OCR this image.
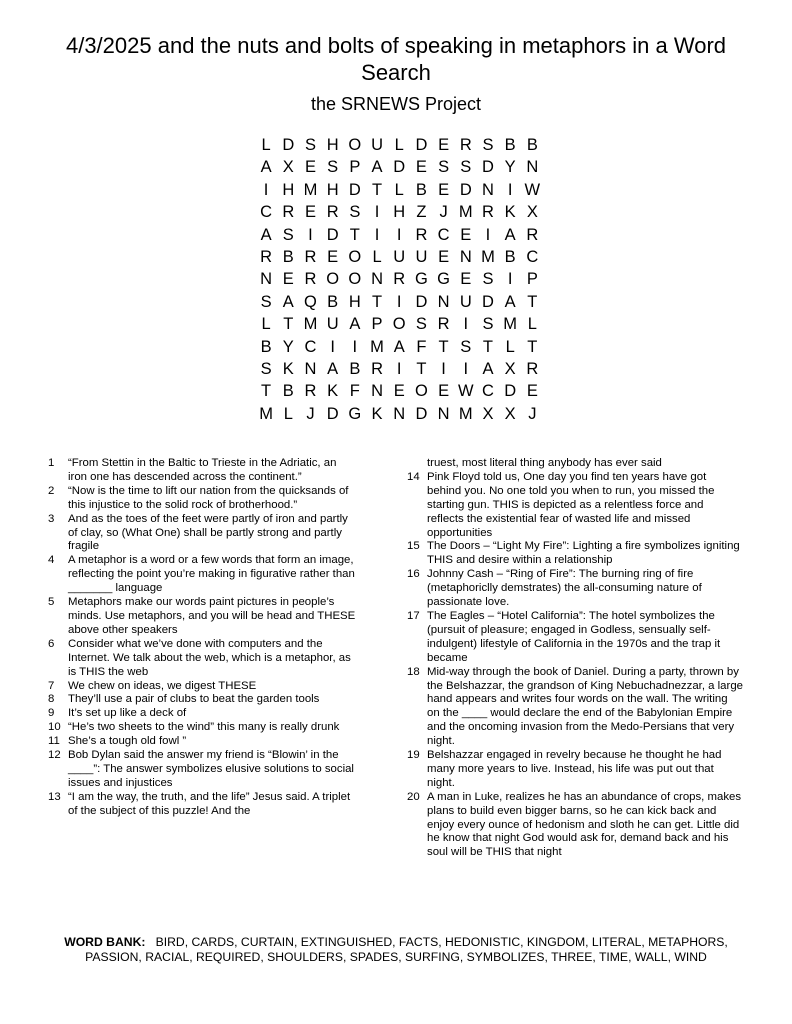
4/3/2025 and the nuts and bolts of speaking in metaphors in a Word Search
the SRNEWS Project
L D S H O U L D E R S B B
A X E S P A D E S S D Y N
I H M H D T L B E D N I W
C R E R S I H Z J M R K X
A S I D T I	I R C E I A R
R B R E O L U U E N M B C
N E R O O N R G G E S I P
S A Q B H T I D N U D A T
L T M U A P O S R I S M L
B Y C I	I M A F T S T L T
S K N A B R I T I	I A X R
T B R K F N E O E W C D E
M L J D G K N D N M X X J
1 “From Stettin in the Baltic to Trieste in the Adriatic, an iron one has descended across the continent.”
2 “Now is the time to lift our nation from the quicksands of this injustice to the solid rock of brotherhood.”
3 And as the toes of the feet were partly of iron and partly of clay, so (What One) shall be partly strong and partly fragile
4 A metaphor is a word or a few words that form an image, reflecting the point you’re making in figurative rather than _______ language
5 Metaphors make our words paint pictures in people’s minds. Use metaphors, and you will be head and THESE above other speakers
6 Consider what we’ve done with computers and the Internet. We talk about the web, which is a metaphor, as is THIS the web
7 We chew on ideas, we digest THESE
8 They’ll use a pair of clubs to beat the garden tools
9 It’s set up like a deck of
10 “He’s two sheets to the wind” this many is really drunk
11 She’s a tough old fowl ”
12 Bob Dylan said the answer my friend is “Blowin’ in the ____”: The answer symbolizes elusive solutions to social issues and injustices
13 “I am the way, the truth, and the life” Jesus said. A triplet of the subject of this puzzle! And the
truest, most literal thing anybody has ever said
14 Pink Floyd told us, One day you find ten years have got behind you. No one told you when to run, you missed the starting gun. THIS is depicted as a relentless force and reflects the existential fear of wasted life and missed opportunities
15 The Doors – “Light My Fire”: Lighting a fire symbolizes igniting THIS and desire within a relationship
16 Johnny Cash – “Ring of Fire”: The burning ring of fire (metaphoriclly demstrates) the all-consuming nature of passionate love.
17 The Eagles – “Hotel California”: The hotel symbolizes the (pursuit of pleasure; engaged in Godless, sensually self-indulgent) lifestyle of California in the 1970s and the trap it became
18 Mid-way through the book of Daniel. During a party, thrown by the Belshazzar, the grandson of King Nebuchadnezzar, a large hand appears and writes four words on the wall. The writing on the ____ would declare the end of the Babylonian Empire and the oncoming invasion from the Medo-Persians that very night.
19 Belshazzar engaged in revelry because he thought he had many more years to live. Instead, his life was put out that night.
20 A man in Luke, realizes he has an abundance of crops, makes plans to build even bigger barns, so he can kick back and enjoy every ounce of hedonism and sloth he can get. Little did he know that night God would ask for, demand back and his soul will be THIS that night
WORD BANK: BIRD, CARDS, CURTAIN, EXTINGUISHED, FACTS, HEDONISTIC, KINGDOM, LITERAL, METAPHORS, PASSION, RACIAL, REQUIRED, SHOULDERS, SPADES, SURFING, SYMBOLIZES, THREE, TIME, WALL, WIND
